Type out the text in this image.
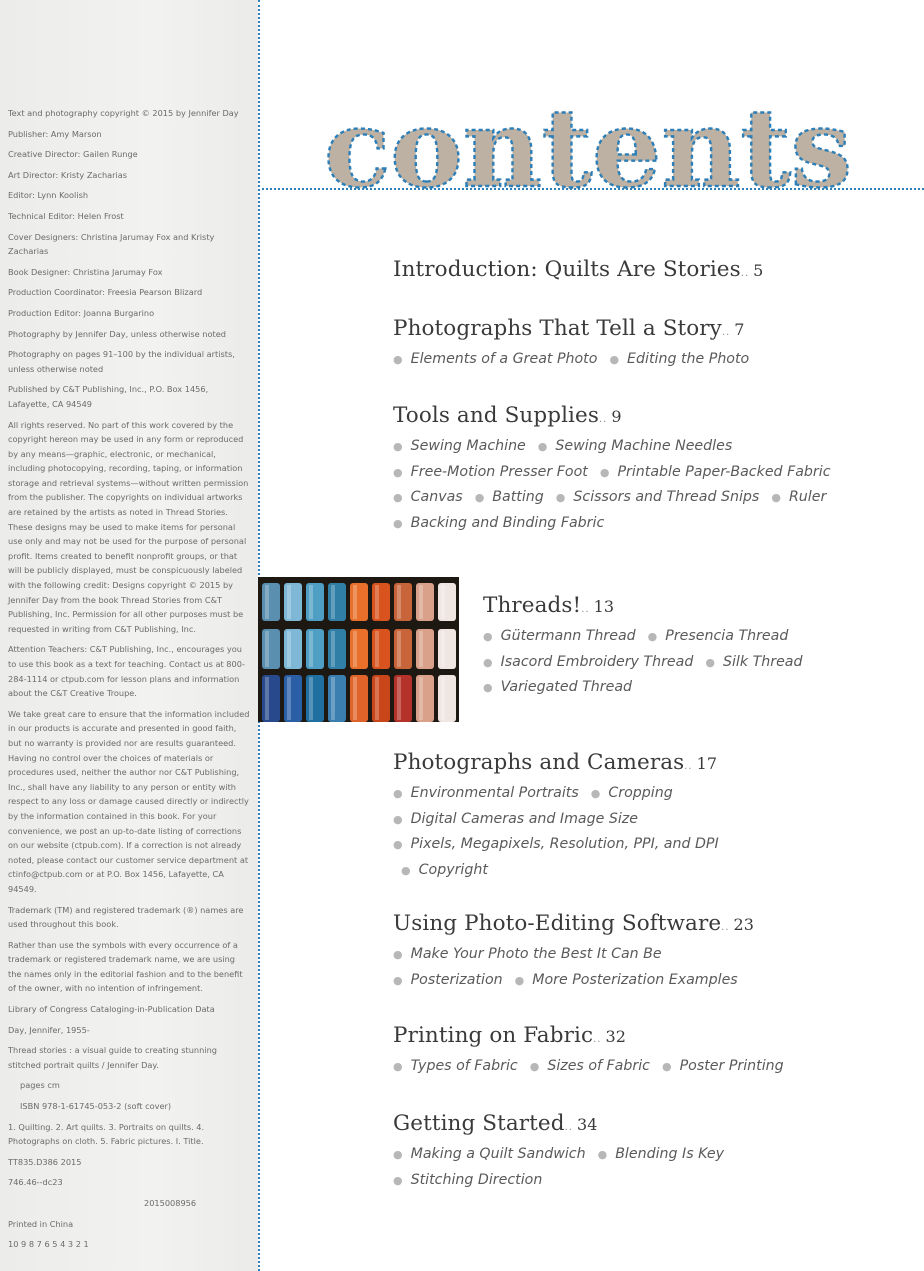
Text and photography copyright © 2015 by Jennifer Day

Publisher: Amy Marson

Creative Director: Gailen Runge

Art Director: Kristy Zacharias

Editor: Lynn Koolish

Technical Editor: Helen Frost

Cover Designers: Christina Jarumay Fox and Kristy Zacharias

Book Designer: Christina Jarumay Fox

Production Coordinator: Freesia Pearson Blizard

Production Editor: Joanna Burgarino

Photography by Jennifer Day, unless otherwise noted

Photography on pages 91–100 by the individual artists, unless otherwise noted

Published by C&T Publishing, Inc., P.O. Box 1456, Lafayette, CA 94549

All rights reserved. No part of this work covered by the copyright hereon may be used in any form or reproduced by any means—graphic, electronic, or mechanical, including photocopying, recording, taping, or information storage and retrieval systems—without written permission from the publisher. The copyrights on individual artworks are retained by the artists as noted in Thread Stories. These designs may be used to make items for personal use only and may not be used for the purpose of personal profit. Items created to benefit nonprofit groups, or that will be publicly displayed, must be conspicuously labeled with the following credit: Designs copyright © 2015 by Jennifer Day from the book Thread Stories from C&T Publishing, Inc. Permission for all other purposes must be requested in writing from C&T Publishing, Inc.

Attention Teachers: C&T Publishing, Inc., encourages you to use this book as a text for teaching. Contact us at 800-284-1114 or ctpub.com for lesson plans and information about the C&T Creative Troupe.

We take great care to ensure that the information included in our products is accurate and presented in good faith, but no warranty is provided nor are results guaranteed. Having no control over the choices of materials or procedures used, neither the author nor C&T Publishing, Inc., shall have any liability to any person or entity with respect to any loss or damage caused directly or indirectly by the information contained in this book. For your convenience, we post an up-to-date listing of corrections on our website (ctpub.com). If a correction is not already noted, please contact our customer service department at ctinfo@ctpub.com or at P.O. Box 1456, Lafayette, CA 94549.

Trademark (TM) and registered trademark (®) names are used throughout this book.

Rather than use the symbols with every occurrence of a trademark or registered trademark name, we are using the names only in the editorial fashion and to the benefit of the owner, with no intention of infringement.

Library of Congress Cataloging-in-Publication Data

Day, Jennifer, 1955-

Thread stories : a visual guide to creating stunning stitched portrait quilts / Jennifer Day.

pages cm

ISBN 978-1-61745-053-2 (soft cover)

1. Quilting. 2. Art quilts. 3. Portraits on quilts. 4. Photographs on cloth. 5. Fabric pictures. I. Title.

TT835.D386 2015

746.46--dc23

2015008956

Printed in China

10 9 8 7 6 5 4 3 2 1

contents
Introduction: Quilts Are Stories.. 5
Photographs That Tell a Story.. 7
● Elements of a Great Photo ● Editing the Photo
Tools and Supplies.. 9
● Sewing Machine ● Sewing Machine Needles
● Free-Motion Presser Foot ● Printable Paper-Backed Fabric
● Canvas ● Batting ● Scissors and Thread Snips ● Ruler
● Backing and Binding Fabric
Threads!.. 13
● Gütermann Thread ● Presencia Thread
● Isacord Embroidery Thread ● Silk Thread
● Variegated Thread
Photographs and Cameras.. 17
● Environmental Portraits ● Cropping
● Digital Cameras and Image Size
● Pixels, Megapixels, Resolution, PPI, and DPI
● Copyright
Using Photo-Editing Software.. 23
● Make Your Photo the Best It Can Be
● Posterization ● More Posterization Examples
Printing on Fabric.. 32
● Types of Fabric ● Sizes of Fabric ● Poster Printing
Getting Started.. 34
● Making a Quilt Sandwich ● Blending Is Key
● Stitching Direction
